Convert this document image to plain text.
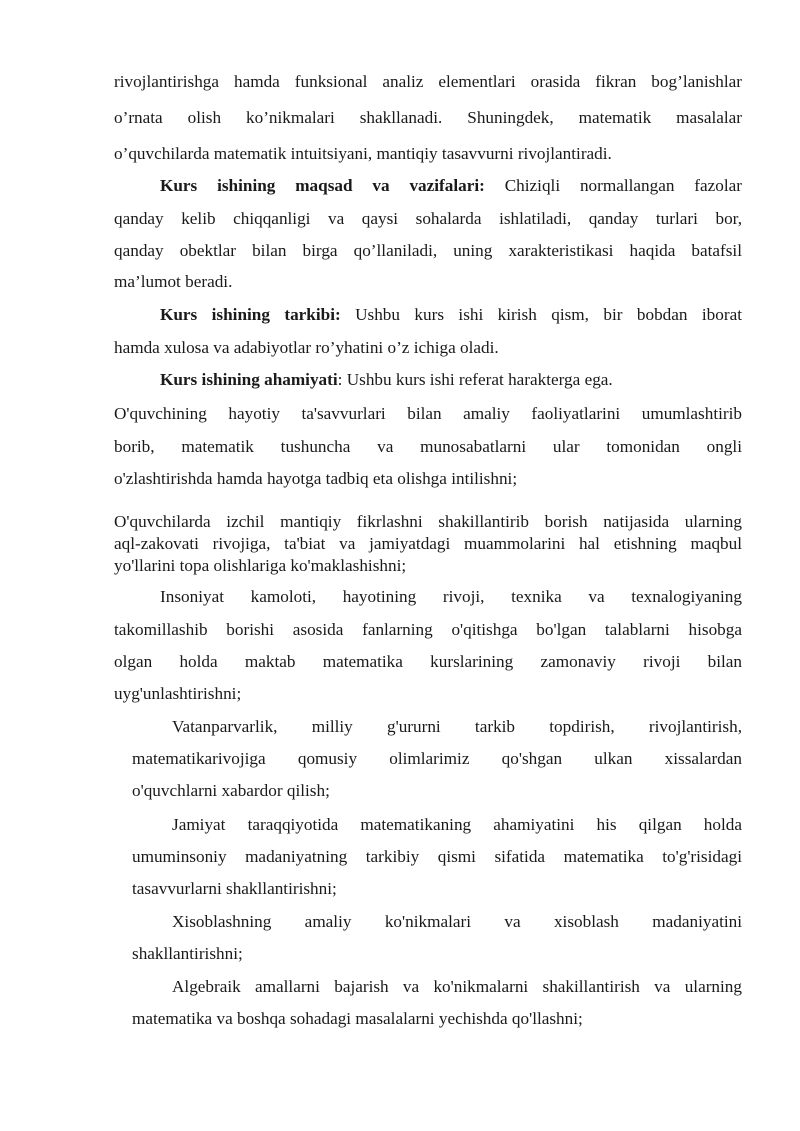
rivojlantirishga hamda funksional analiz elementlari orasida fikran bog’lanishlar
o’rnata olish ko’nikmalari shakllanadi. Shuningdek, matematik masalalar
o’quvchilarda matematik intuitsiyani, mantiqiy tasavvurni rivojlantiradi.
Kurs ishining maqsad va vazifalari: Chiziqli normallangan fazolar
qanday kelib chiqqanligi va qaysi sohalarda ishlatiladi, qanday turlari bor,
qanday obektlar bilan birga qo’llaniladi, uning xarakteristikasi haqida batafsil
ma’lumot beradi.
Kurs ishining tarkibi: Ushbu kurs ishi kirish qism, bir bobdan iborat
hamda xulosa va adabiyotlar ro’yhatini o’z ichiga oladi.
Kurs ishining ahamiyati: Ushbu kurs ishi referat harakterga ega.
O'quvchining hayotiy ta'savvurlari bilan amaliy faoliyatlarini umumlashtirib
borib, matematik tushuncha va munosabatlarni ular tomonidan ongli
o'zlashtirishda hamda hayotga tadbiq eta olishga intilishni;
O'quvchilarda izchil mantiqiy fikrlashni shakillantirib borish natijasida ularning
aql-zakovati rivojiga, ta'biat va jamiyatdagi muammolarini hal etishning maqbul
yo'llarini topa olishlariga ko'maklashishni;
Insoniyat kamoloti, hayotining rivoji, texnika va texnalogiyaning
takomillashib borishi asosida fanlarning o'qitishga bo'lgan talablarni hisobga
olgan holda maktab matematika kurslarining zamonaviy rivoji bilan
uyg'unlashtirishni;
Vatanparvarlik, milliy g'ururni tarkib topdirish, rivojlantirish,
matematikarivojiga qomusiy olimlarimiz qo'shgan ulkan xissalardan
o'quvchlarni xabardor qilish;
Jamiyat taraqqiyotida matematikaning ahamiyatini his qilgan holda
umuminsoniy madaniyatning tarkibiy qismi sifatida matematika to'g'risidagi
tasavvurlarni shakllantirishni;
Xisoblashning amaliy ko'nikmalari va xisoblash madaniyatini
shakllantirishni;
Algebraik amallarni bajarish va ko'nikmalarni shakillantirish va ularning
matematika va boshqa sohadagi masalalarni yechishda qo'llashni;
